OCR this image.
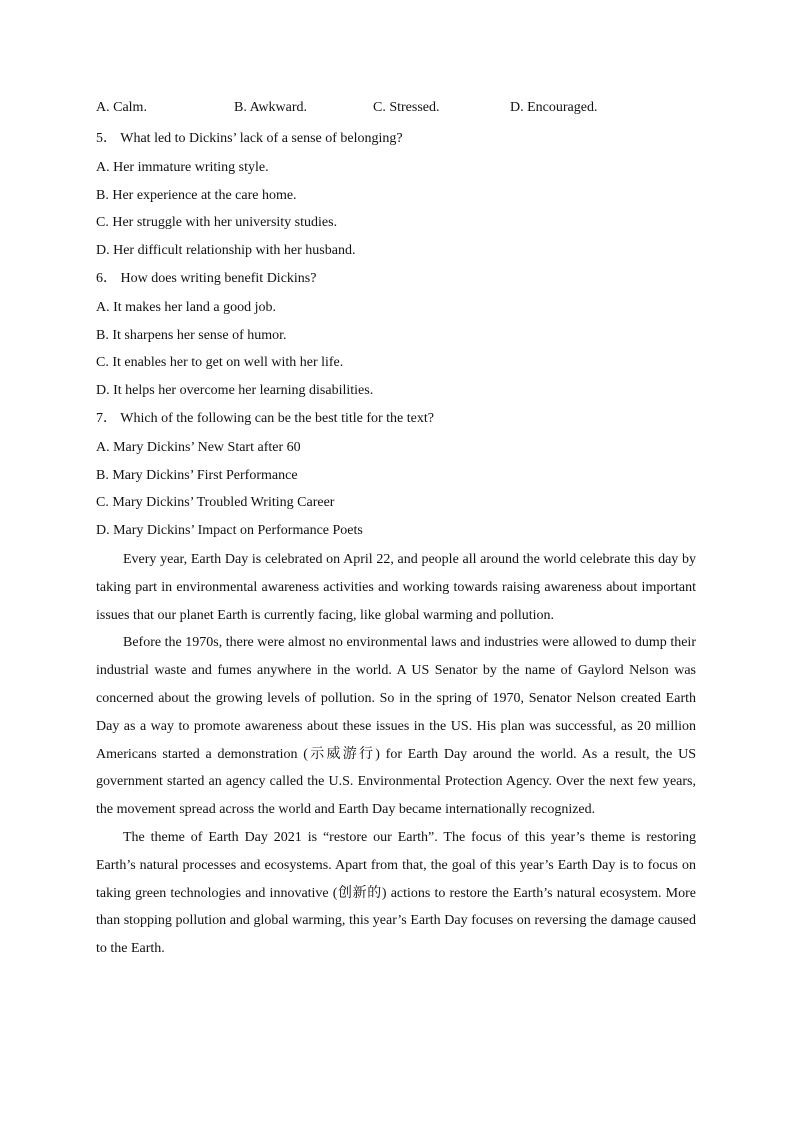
A. Calm.	B. Awkward.	C. Stressed.	D. Encouraged.
5． What led to Dickins’ lack of a sense of belonging?
A. Her immature writing style.
B. Her experience at the care home.
C. Her struggle with her university studies.
D. Her difficult relationship with her husband.
6． How does writing benefit Dickins?
A. It makes her land a good job.
B. It sharpens her sense of humor.
C. It enables her to get on well with her life.
D. It helps her overcome her learning disabilities.
7． Which of the following can be the best title for the text?
A. Mary Dickins’ New Start after 60
B. Mary Dickins’ First Performance
C. Mary Dickins’ Troubled Writing Career
D. Mary Dickins’ Impact on Performance Poets

Every year, Earth Day is celebrated on April 22, and people all around the world celebrate this day by taking part in environmental awareness activities and working towards raising awareness about important issues that our planet Earth is currently facing, like global warming and pollution.

Before the 1970s, there were almost no environmental laws and industries were allowed to dump their industrial waste and fumes anywhere in the world. A US Senator by the name of Gaylord Nelson was concerned about the growing levels of pollution. So in the spring of 1970, Senator Nelson created Earth Day as a way to promote awareness about these issues in the US. His plan was successful, as 20 million Americans started a demonstration (示威游行) for Earth Day around the world. As a result, the US government started an agency called the U.S. Environmental Protection Agency. Over the next few years, the movement spread across the world and Earth Day became internationally recognized.

The theme of Earth Day 2021 is “restore our Earth”. The focus of this year’s theme is restoring Earth’s natural processes and ecosystems. Apart from that, the goal of this year’s Earth Day is to focus on taking green technologies and innovative (创新的) actions to restore the Earth’s natural ecosystem. More than stopping pollution and global warming, this year’s Earth Day focuses on reversing the damage caused to the Earth.
